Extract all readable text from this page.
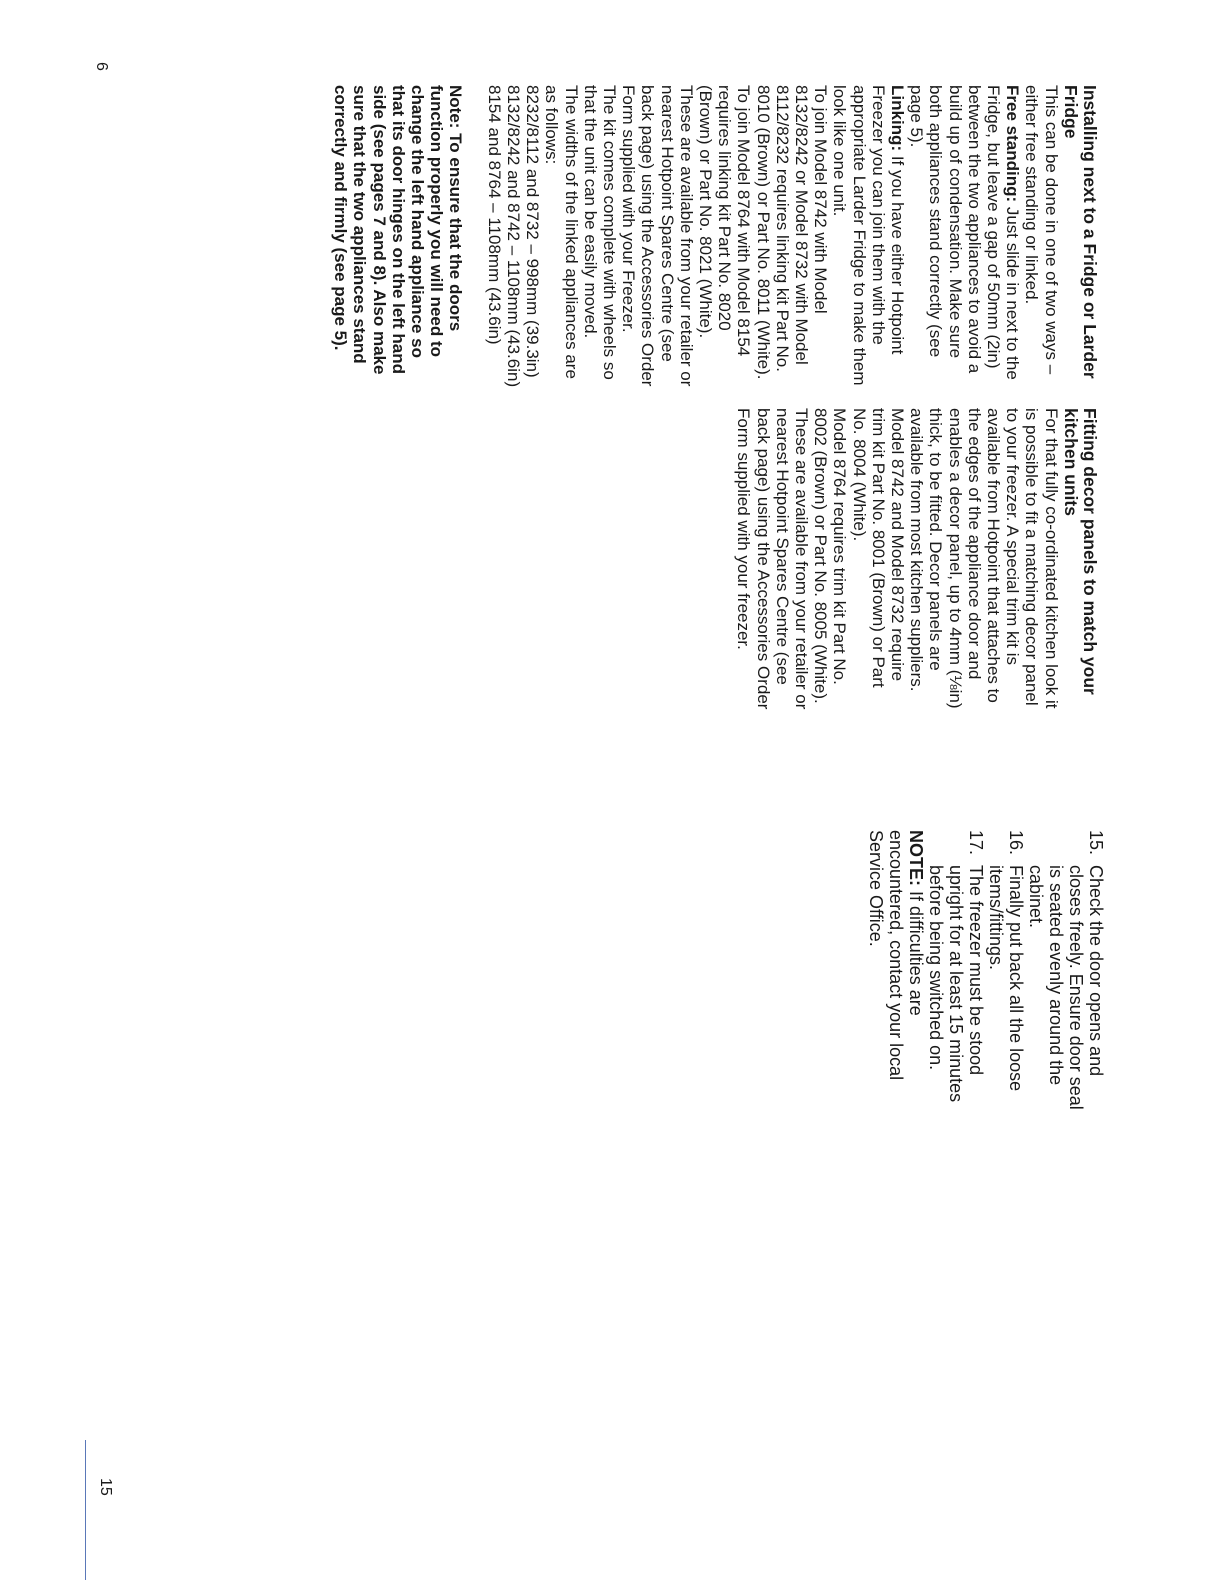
Installing next to a Fridge or Larder Fridge

This can be done in one of two ways – either free standing or linked.

Free standing: Just slide in next to the Fridge, but leave a gap of 50mm (2in) between the two appliances to avoid a build up of condensation. Make sure both appliances stand correctly (see page 5).

Linking: If you have either Hotpoint Freezer you can join them with the appropriate Larder Fridge to make them look like one unit.

To join Model 8742 with Model 8132/8242 or Model 8732 with Model 8112/8232 requires linking kit Part No. 8010 (Brown) or Part No. 8011 (White).

To join Model 8764 with Model 8154 requires linking kit Part No. 8020 (Brown) or Part No. 8021 (White).

These are available from your retailer or nearest Hotpoint Spares Centre (see back page) using the Accessories Order Form supplied with your Freezer.

The kit comes complete with wheels so that the unit can be easily moved.

The widths of the linked appliances are as follows:

8232/8112 and 8732 – 998mm (39.3in)

8132/8242 and 8742 – 1108mm (43.6in)

8154 and 8764 – 1108mm (43.6in)

Note: To ensure that the doors function properly you will need to change the left hand appliance so that its door hinges on the left hand side (see pages 7 and 8). Also make sure that the two appliances stand correctly and firmly (see page 5).

Fitting decor panels to match your kitchen units

For that fully co-ordinated kitchen look it is possible to fit a matching decor panel to your freezer. A special trim kit is available from Hotpoint that attaches to the edges of the appliance door and enables a decor panel, up to 4mm (⅛in) thick, to be fitted. Decor panels are available from most kitchen suppliers.

Model 8742 and Model 8732 require trim kit Part No. 8001 (Brown) or Part No. 8004 (White).

Model 8764 requires trim kit Part No. 8002 (Brown) or Part No. 8005 (White).

These are available from your retailer or nearest Hotpoint Spares Centre (see back page) using the Accessories Order Form supplied with your freezer.

6

15.
Check the door opens and closes freely. Ensure door seal is seated evenly around the cabinet.

16.
Finally put back all the loose items/fittings.

17.
The freezer must be stood upright for at least 15 minutes before being switched on.

NOTE: If difficulties are encountered, contact your local Service Office.

15
